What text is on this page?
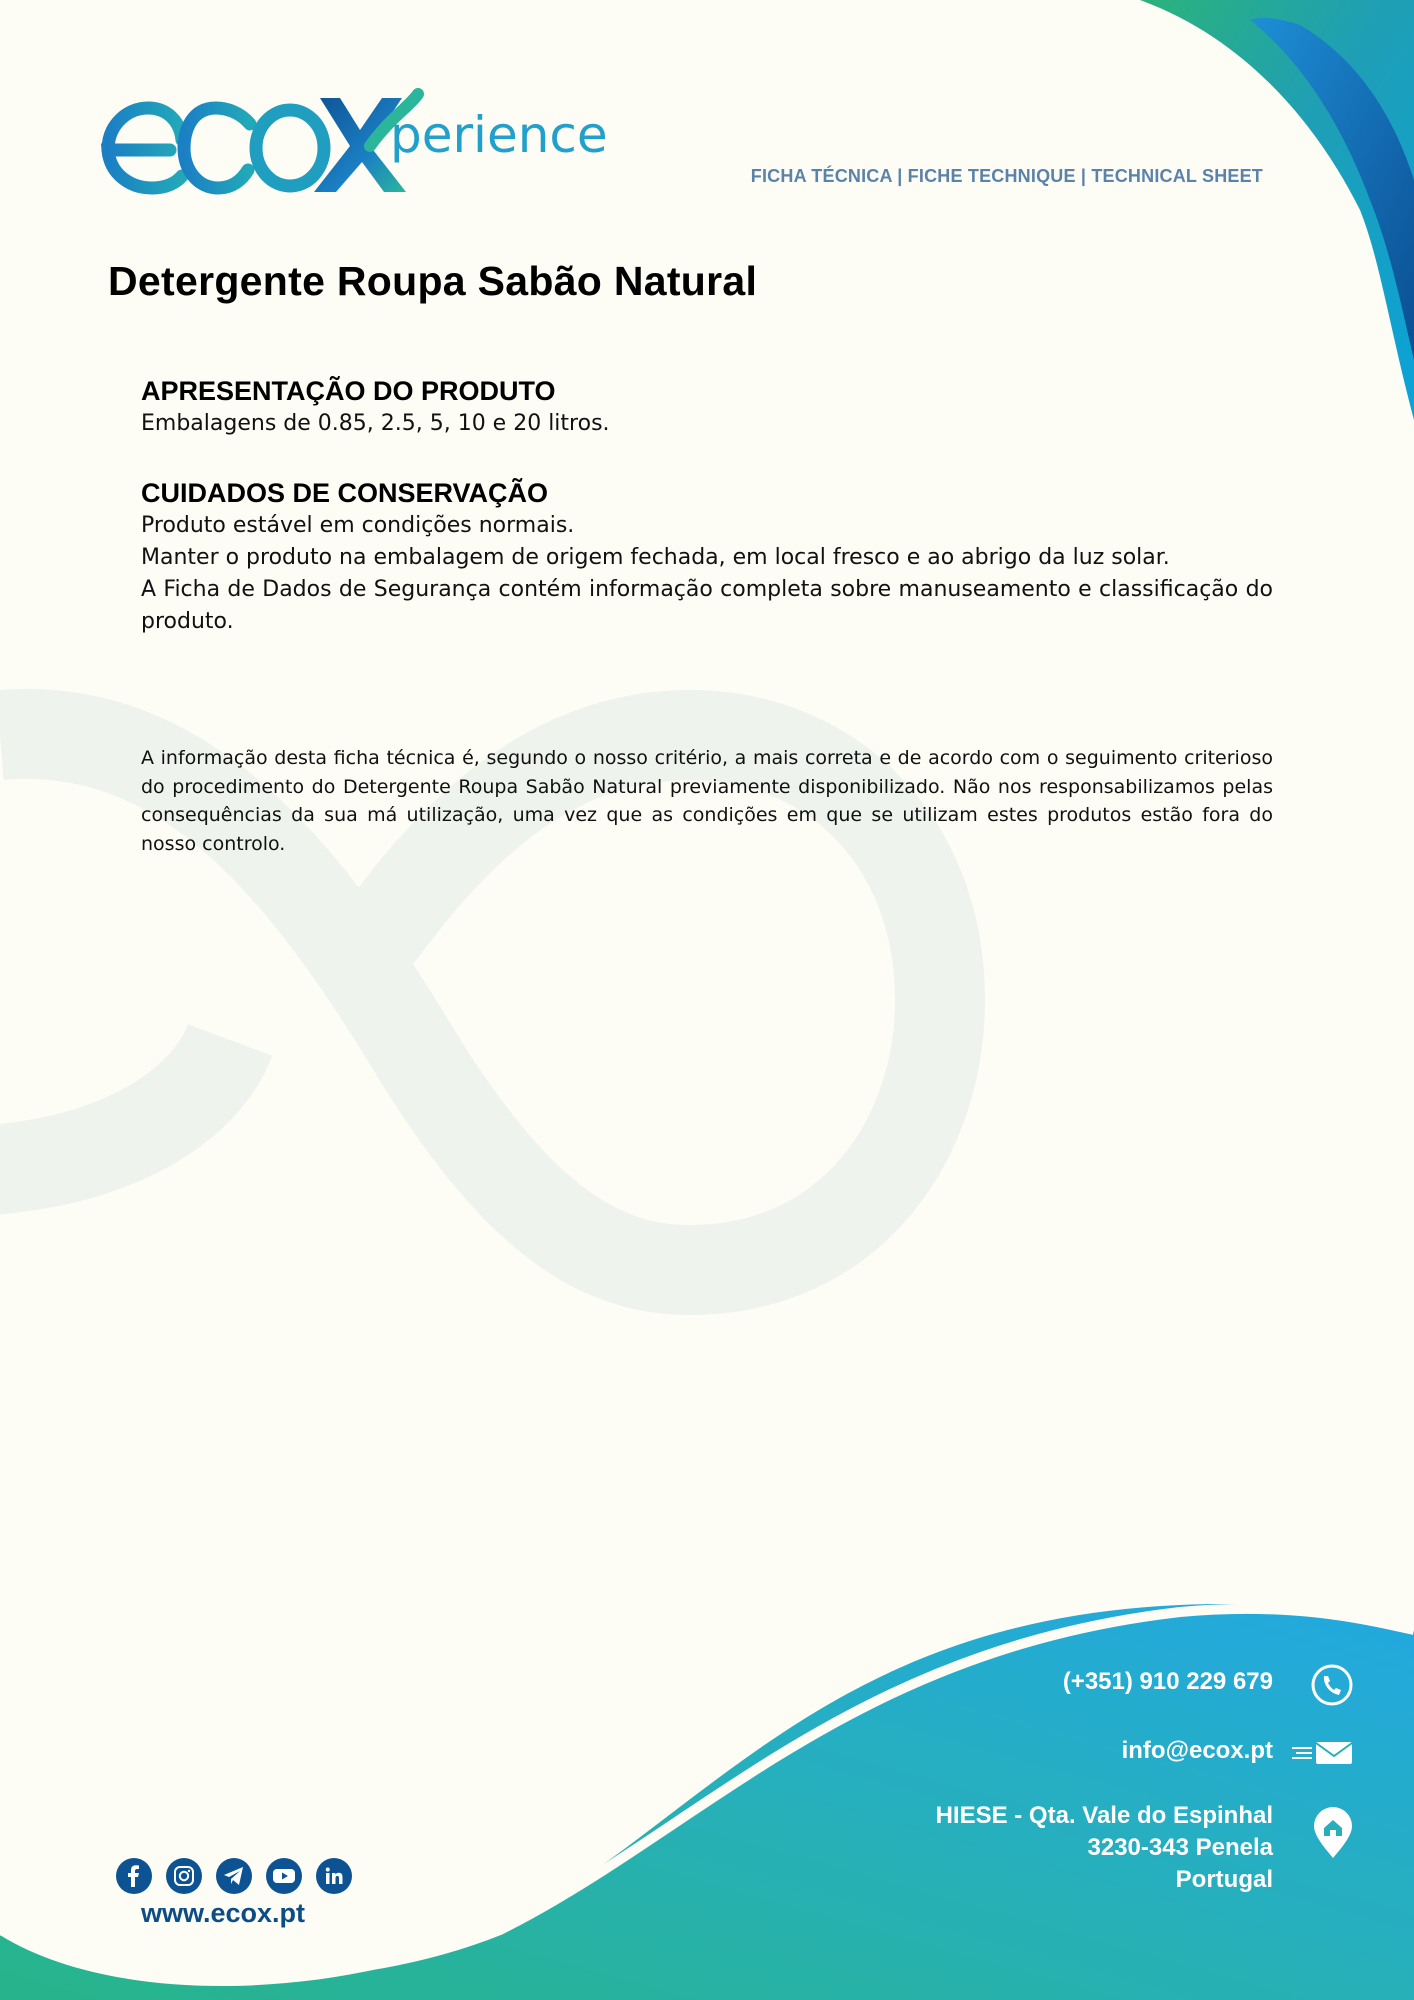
perience
FICHA TÉCNICA | FICHE TECHNIQUE | TECHNICAL SHEET
Detergente Roupa Sabão Natural
APRESENTAÇÃO DO PRODUTO

Embalagens de 0.85, 2.5, 5, 10 e 20 litros.

CUIDADOS DE CONSERVAÇÃO

Produto estável em condições normais.

Manter o produto na embalagem de origem fechada, em local fresco e ao abrigo da luz solar.

A Ficha de Dados de Segurança contém informação completa sobre manuseamento e classificação do produto.

A informação desta ficha técnica é, segundo o nosso critério, a mais correta e de acordo com o seguimento criterioso do procedimento do Detergente Roupa Sabão Natural previamente disponibilizado. Não nos responsabilizamos pelas consequências da sua má utilização, uma vez que as condições em que se utilizam estes produtos estão fora do nosso controlo.

(+351) 910 229 679
info@ecox.pt
HIESE - Qta. Vale do Espinhal
3230-343 Penela
Portugal
www.ecox.pt
